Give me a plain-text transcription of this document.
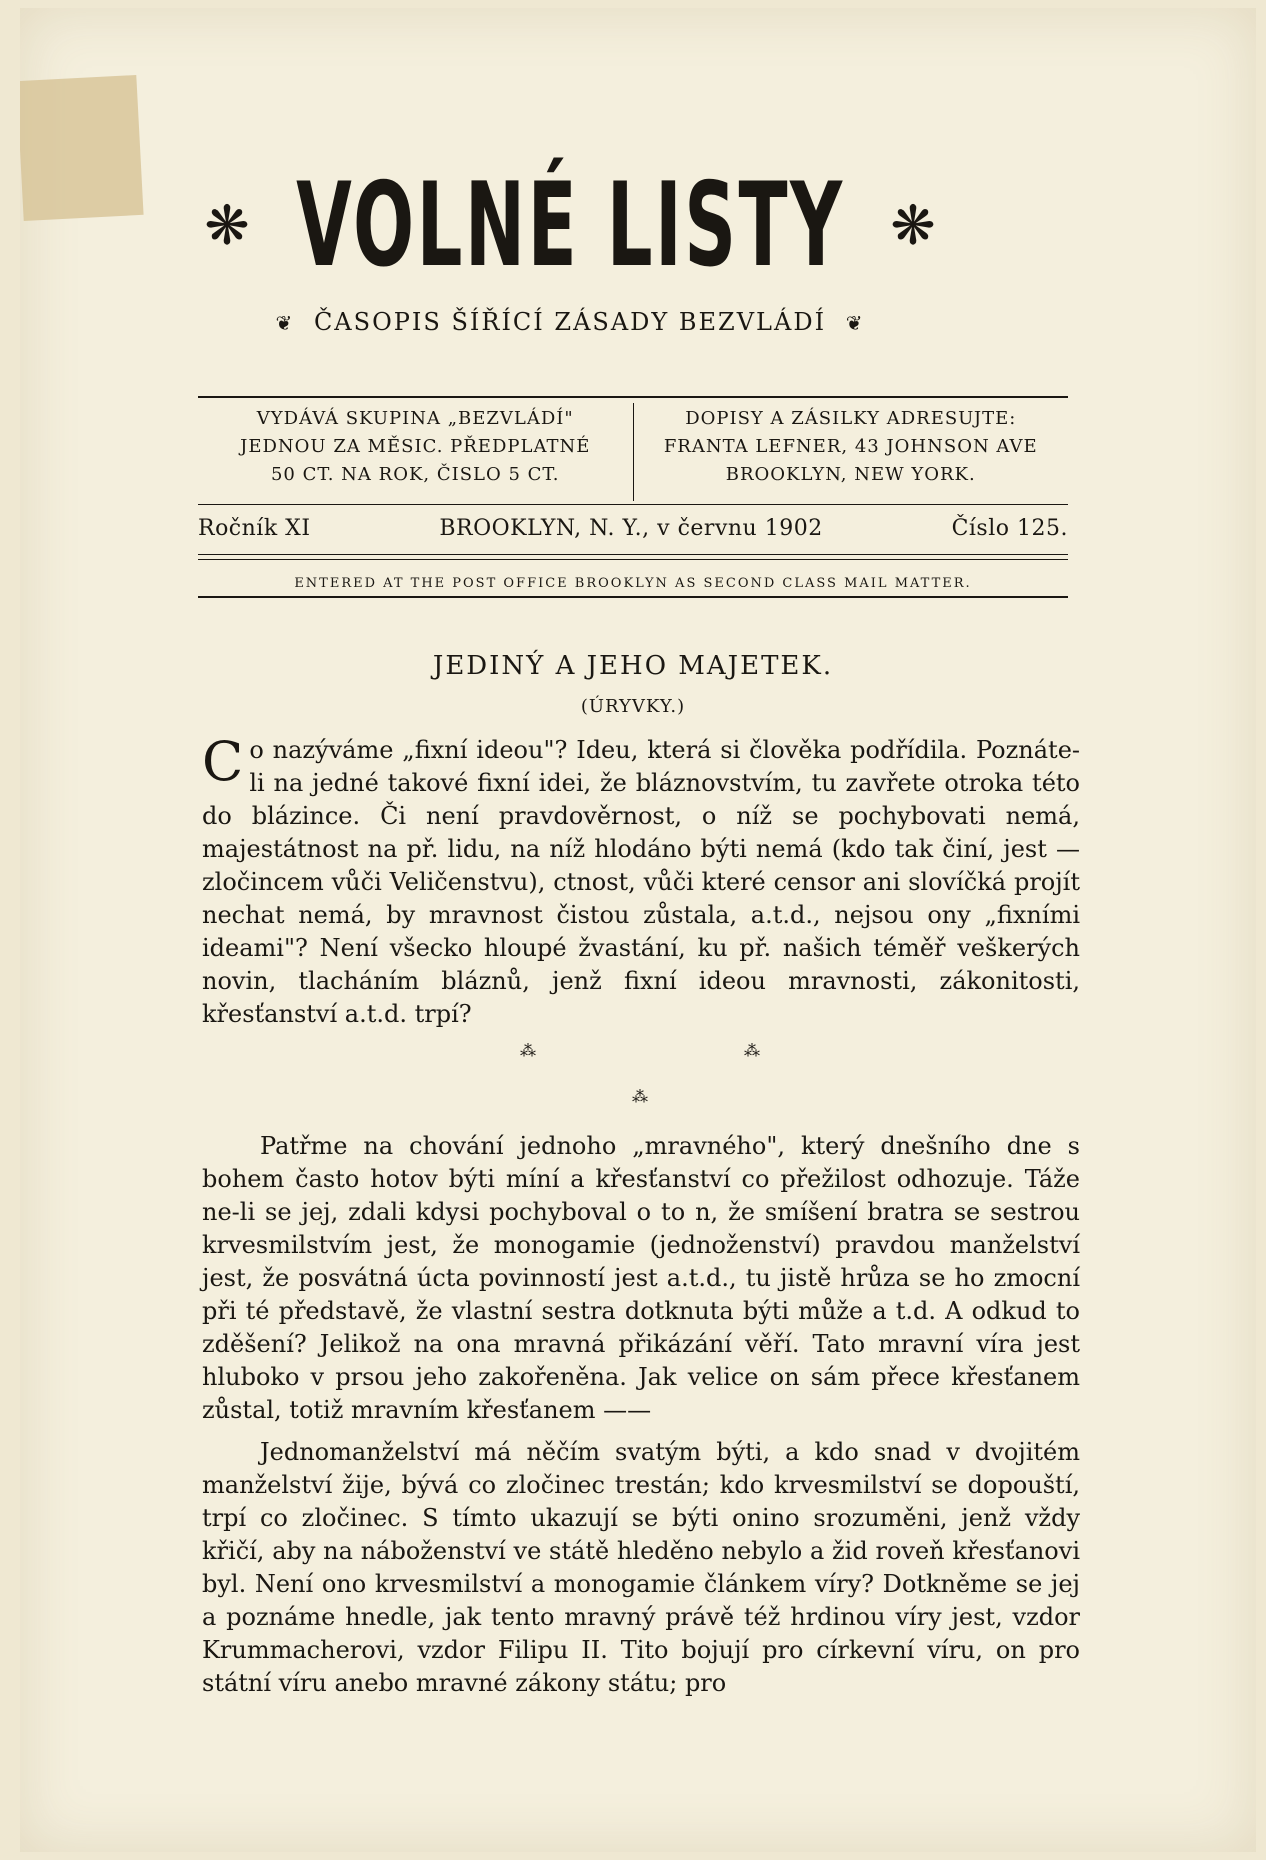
❋ VOLNÉ LISTY ❋
❦ ČASOPIS ŠÍŘÍCÍ ZÁSADY BEZVLÁDÍ ❦
VYDÁVÁ SKUPINA „BEZVLÁDÍ"
JEDNOU ZA MĚSIC. PŘEDPLATNÉ
50 CT. NA ROK, ČISLO 5 CT.
DOPISY A ZÁSILKY ADRESUJTE:
FRANTA LEFNER, 43 JOHNSON AVE
BROOKLYN, NEW YORK.
Ročník XI	BROOKLYN, N. Y., v červnu 1902	Číslo 125.
ENTERED AT THE POST OFFICE BROOKLYN AS SECOND CLASS MAIL MATTER.
JEDINÝ A JEHO MAJETEK.
(ÚRYVKY.)

Co nazýváme „fixní ideou"? Ideu, která si člověka podřídila. Poznáte-li na jedné takové fixní idei, že bláznovstvím, tu zavřete otroka této do blázince. Či není pravdověrnost, o níž se pochybovati nemá, majestátnost na př. lidu, na níž hlodáno býti nemá (kdo tak činí, jest — zločincem vůči Veličenstvu), ctnost, vůči které censor ani slovíčká projít nechat nemá, by mravnost čistou zůstala, a.t.d., nejsou ony „fixními ideami"? Není všecko hloupé žvastání, ku př. našich téměř veškerých novin, tlacháním bláznů, jenž fixní ideou mravnosti, zákonitosti, křesťanství a.t.d. trpí?

⁂	⁂
⁂

Patřme na chování jednoho „mravného", který dnešního dne s bohem často hotov býti míní a křesťanství co přežilost odhozuje. Táže ne-li se jej, zdali kdysi pochyboval o to n, že smíšení bratra se sestrou krvesmilstvím jest, že monogamie (jednoženství) pravdou manželství jest, že posvátná úcta povinností jest a.t.d., tu jistě hrůza se ho zmocní při té představě, že vlastní sestra dotknuta býti může a t.d. A odkud to zděšení? Jelikož na ona mravná přikázání věří. Tato mravní víra jest hluboko v prsou jeho zakořeněna. Jak velice on sám přece křesťanem zůstal, totiž mravním křesťanem ——

Jednomanželství má něčím svatým býti, a kdo snad v dvojitém manželství žije, bývá co zločinec trestán; kdo krvesmilství se dopouští, trpí co zločinec. S tímto ukazují se býti onino srozuměni, jenž vždy křičí, aby na náboženství ve státě hleděno nebylo a žid roveň křesťanovi byl. Není ono krvesmilství a monogamie článkem víry? Dotkněme se jej a poznáme hnedle, jak tento mravný právě též hrdinou víry jest, vzdor Krummacherovi, vzdor Filipu II. Tito bojují pro církevní víru, on pro státní víru anebo mravné zákony státu; pro
